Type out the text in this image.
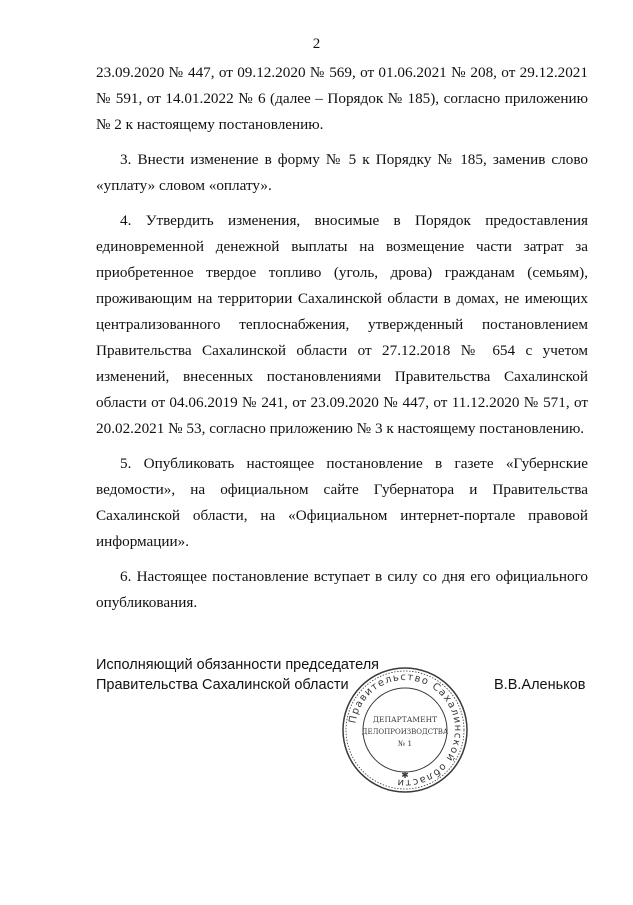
2

23.09.2020 № 447, от 09.12.2020 № 569, от 01.06.2021 № 208, от 29.12.2021 № 591, от 14.01.2022 № 6 (далее – Порядок № 185), согласно приложению № 2 к настоящему постановлению.

3. Внести изменение в форму № 5 к Порядку № 185, заменив слово «уплату» словом «оплату».

4. Утвердить изменения, вносимые в Порядок предоставления единовременной денежной выплаты на возмещение части затрат за приобретенное твердое топливо (уголь, дрова) гражданам (семьям), проживающим на территории Сахалинской области в домах, не имеющих централизованного теплоснабжения, утвержденный постановлением Правительства Сахалинской области от 27.12.2018 № 654 с учетом изменений, внесенных постановлениями Правительства Сахалинской области от 04.06.2019 № 241, от 23.09.2020 № 447, от 11.12.2020 № 571, от 20.02.2021 № 53, согласно приложению № 3 к настоящему постановлению.

5. Опубликовать настоящее постановление в газете «Губернские ведомости», на официальном сайте Губернатора и Правительства Сахалинской области, на «Официальном интернет-портале правовой информации».

6. Настоящее постановление вступает в силу со дня его официального опубликования.

Исполняющий обязанности председателя
Правительства Сахалинской области	В.В.Аленьков
Правительство Сахалинской области
ДЕПАРТАМЕНТ
ДЕЛОПРОИЗВОДСТВА
№ 1
✱
